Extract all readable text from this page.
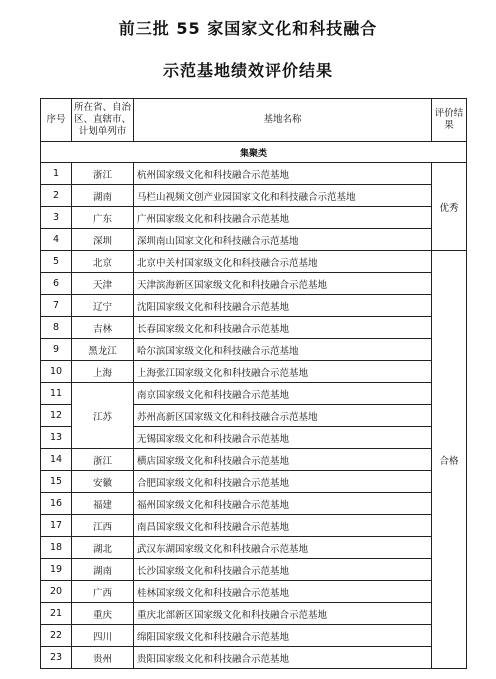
前三批 55 家国家文化和科技融合
示范基地绩效评价结果
序号	所在省、自治区、直辖市、计划单列市	基地名称	评价结果
集聚类			
1	浙江	杭州国家级文化和科技融合示范基地	优秀
2	湖南	马栏山视频文创产业园国家文化和科技融合示范基地	
3	广东	广州国家级文化和科技融合示范基地	
4	深圳	深圳南山国家文化和科技融合示范基地	
5	北京	北京中关村国家级文化和科技融合示范基地	合格
6	天津	天津滨海新区国家级文化和科技融合示范基地	
7	辽宁	沈阳国家级文化和科技融合示范基地	
8	吉林	长春国家级文化和科技融合示范基地	
9	黑龙江	哈尔滨国家级文化和科技融合示范基地	
10	上海	上海张江国家级文化和科技融合示范基地	
11	江苏	南京国家级文化和科技融合示范基地	
12		苏州高新区国家级文化和科技融合示范基地	
13		无锡国家级文化和科技融合示范基地	
14	浙江	横店国家级文化和科技融合示范基地	
15	安徽	合肥国家级文化和科技融合示范基地	
16	福建	福州国家级文化和科技融合示范基地	
17	江西	南昌国家级文化和科技融合示范基地	
18	湖北	武汉东湖国家级文化和科技融合示范基地	
19	湖南	长沙国家级文化和科技融合示范基地	
20	广西	桂林国家级文化和科技融合示范基地	
21	重庆	重庆北部新区国家级文化和科技融合示范基地	
22	四川	绵阳国家级文化和科技融合示范基地	
23	贵州	贵阳国家级文化和科技融合示范基地	
